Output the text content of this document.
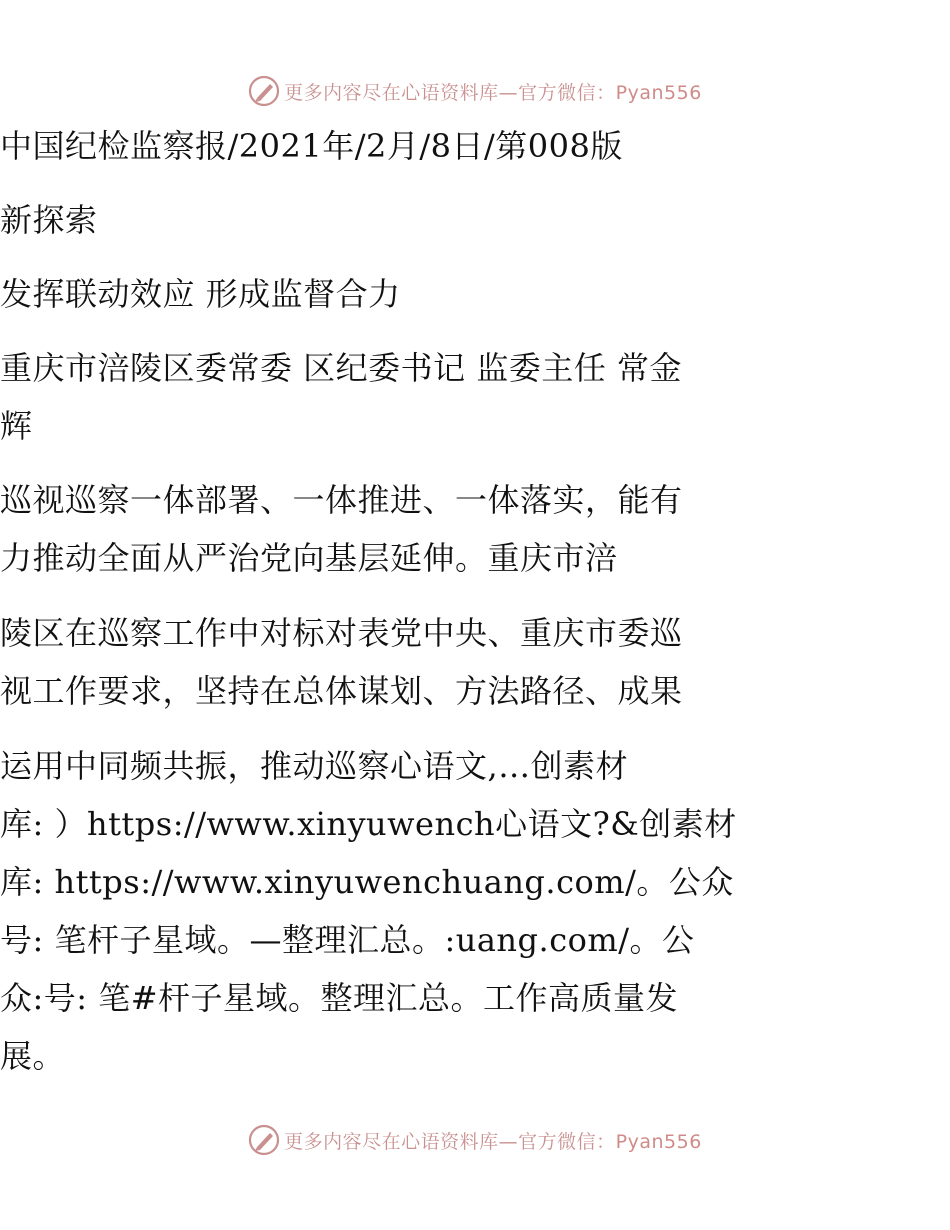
更多内容尽在心语资料库—官方微信：Pyan556
中国纪检监察报/2021年/2月/8日/第008版
新探索
发挥联动效应 形成监督合力
重庆市涪陵区委常委 区纪委书记 监委主任 常金
辉
巡视巡察一体部署、一体推进、一体落实，能有
力推动全面从严治党向基层延伸。重庆市涪
陵区在巡察工作中对标对表党中央、重庆市委巡
视工作要求，坚持在总体谋划、方法路径、成果
运用中同频共振，推动巡察心语文,…创素材
库: ）https://www.xinyuwench心语文?&创素材
库: https://www.xinyuwenchuang.com/。公众
号: 笔杆子星域。—整理汇总。:uang.com/。公
众:号: 笔#杆子星域。整理汇总。工作高质量发
展。
更多内容尽在心语资料库—官方微信：Pyan556
